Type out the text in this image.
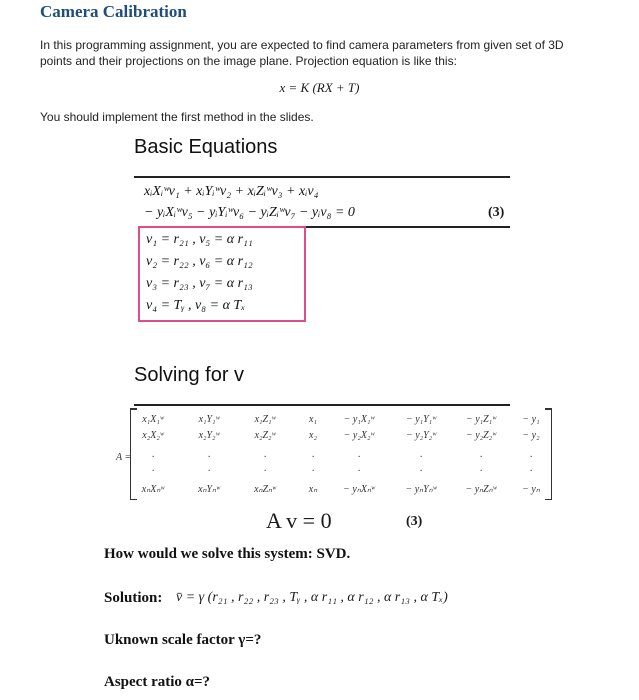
Camera Calibration
In this programming assignment, you are expected to find camera parameters from given set of 3D
points and their projections on the image plane. Projection equation is like this:
x = K (RX + T)
You should implement the first method in the slides.
Basic Equations
xᵢXᵢʷv₁ + xᵢYᵢʷv₂ + xᵢZᵢʷv₃ + xᵢv₄
− yᵢXᵢʷv₅ − yᵢYᵢʷv₆ − yᵢZᵢʷv₇ − yᵢv₈ = 0	(3)
v₁ = r₂₁ , v₅ = α r₁₁
v₂ = r₂₂ , v₆ = α r₁₂
v₃ = r₂₃ , v₇ = α r₁₃
v₄ = Tᵧ , v₈ = α Tₓ
Solving for v
A =
x₁X₁ʷ	x₁Y₁ʷ	x₁Z₁ʷ	x₁	− y₁X₁ʷ	− y₁Y₁ʷ	− y₁Z₁ʷ	− y₁
x₂X₂ʷ	x₂Y₂ʷ	x₂Z₂ʷ	x₂	− y₂X₂ʷ	− y₂Y₂ʷ	− y₂Z₂ʷ	− y₂
·	·	·	·	·	·	·	·
·	·	·	·	·	·	·	·
xₙXₙʷ	xₙYₙʷ	xₙZₙʷ	xₙ	− yₙXₙʷ	− yₙYₙʷ	− yₙZₙʷ	− yₙ
A v = 0	(3)
How would we solve this system: SVD.
Solution: v̄ = γ (r₂₁ , r₂₂ , r₂₃ , Tᵧ , α r₁₁ , α r₁₂ , α r₁₃ , α Tₓ)
Uknown scale factor γ=?
Aspect ratio α=?
